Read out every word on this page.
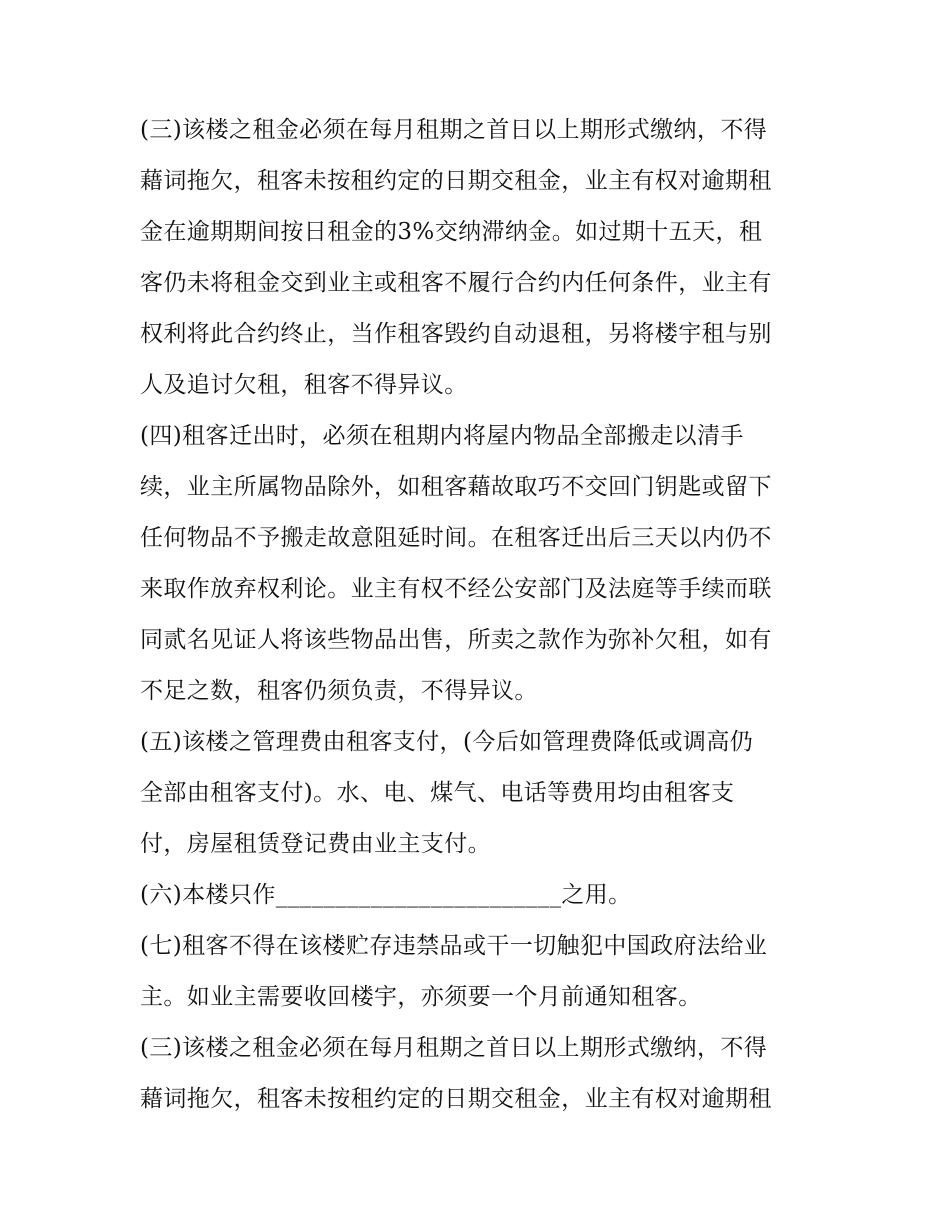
(三)该楼之租金必须在每月租期之首日以上期形式缴纳，不得
藉词拖欠，租客未按租约定的日期交租金，业主有权对逾期租
金在逾期期间按日租金的3%交纳滞纳金。如过期十五天，租
客仍未将租金交到业主或租客不履行合约内任何条件，业主有
权利将此合约终止，当作租客毁约自动退租，另将楼宇租与别
人及追讨欠租，租客不得异议。
(四)租客迁出时，必须在租期内将屋内物品全部搬走以清手
续，业主所属物品除外，如租客藉故取巧不交回门钥匙或留下
任何物品不予搬走故意阻延时间。在租客迁出后三天以内仍不
来取作放弃权利论。业主有权不经公安部门及法庭等手续而联
同贰名见证人将该些物品出售，所卖之款作为弥补欠租，如有
不足之数，租客仍须负责，不得异议。
(五)该楼之管理费由租客支付，(今后如管理费降低或调高仍
全部由租客支付)。水、电、煤气、电话等费用均由租客支
付，房屋租赁登记费由业主支付。
(六)本楼只作________________________之用。
(七)租客不得在该楼贮存违禁品或干一切触犯中国政府法给业
主。如业主需要收回楼宇，亦须要一个月前通知租客。
(三)该楼之租金必须在每月租期之首日以上期形式缴纳，不得
藉词拖欠，租客未按租约定的日期交租金，业主有权对逾期租
